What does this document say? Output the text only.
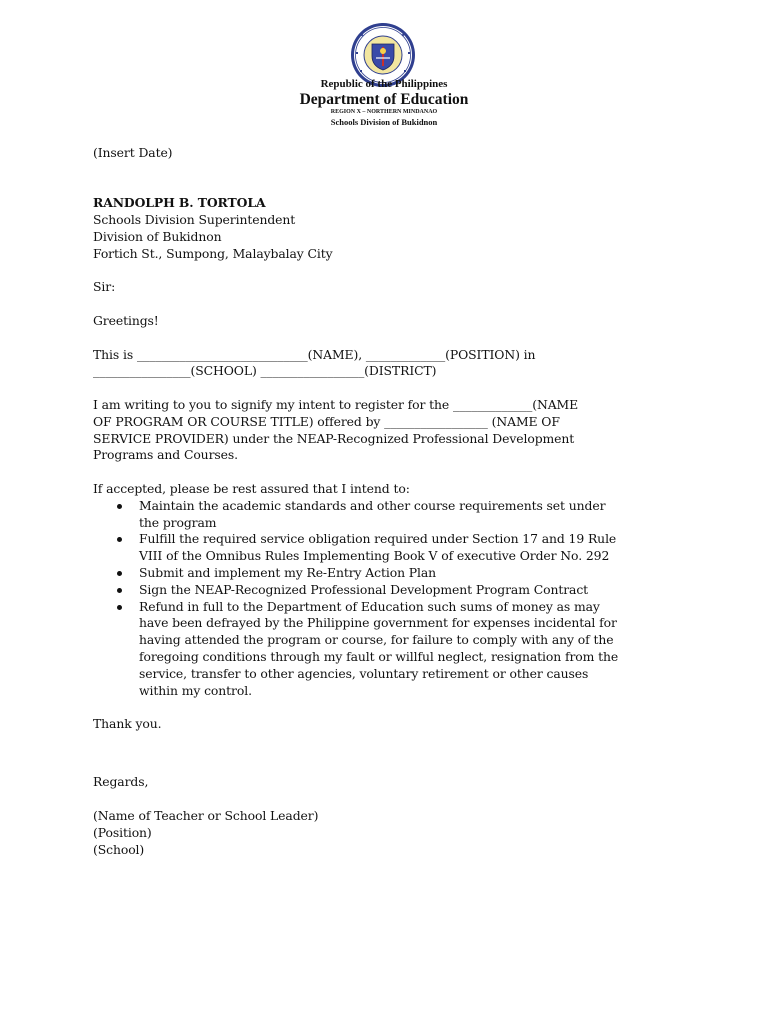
Republic of the Philippines
Department of Education
REGION X – NORTHERN MINDANAO
Schools Division of Bukidnon
(Insert Date)
RANDOLPH B. TORTOLA
Schools Division Superintendent
Division of Bukidnon
Fortich St., Sumpong, Malaybalay City
Sir:
Greetings!
This is ____________________________(NAME), _____________(POSITION) in
________________(SCHOOL) _________________(DISTRICT)
I am writing to you to signify my intent to register for the _____________(NAME
OF PROGRAM OR COURSE TITLE) offered by _________________ (NAME OF
SERVICE PROVIDER) under the NEAP-Recognized Professional Development
Programs and Courses.
If accepted, please be rest assured that I intend to:
Maintain the academic standards and other course requirements set under
the program
Fulfill the required service obligation required under Section 17 and 19 Rule
VIII of the Omnibus Rules Implementing Book V of executive Order No. 292
Submit and implement my Re-Entry Action Plan
Sign the NEAP-Recognized Professional Development Program Contract
Refund in full to the Department of Education such sums of money as may
have been defrayed by the Philippine government for expenses incidental for
having attended the program or course, for failure to comply with any of the
foregoing conditions through my fault or willful neglect, resignation from the
service, transfer to other agencies, voluntary retirement or other causes
within my control.
Thank you.
Regards,
(Name of Teacher or School Leader)
(Position)
(School)
